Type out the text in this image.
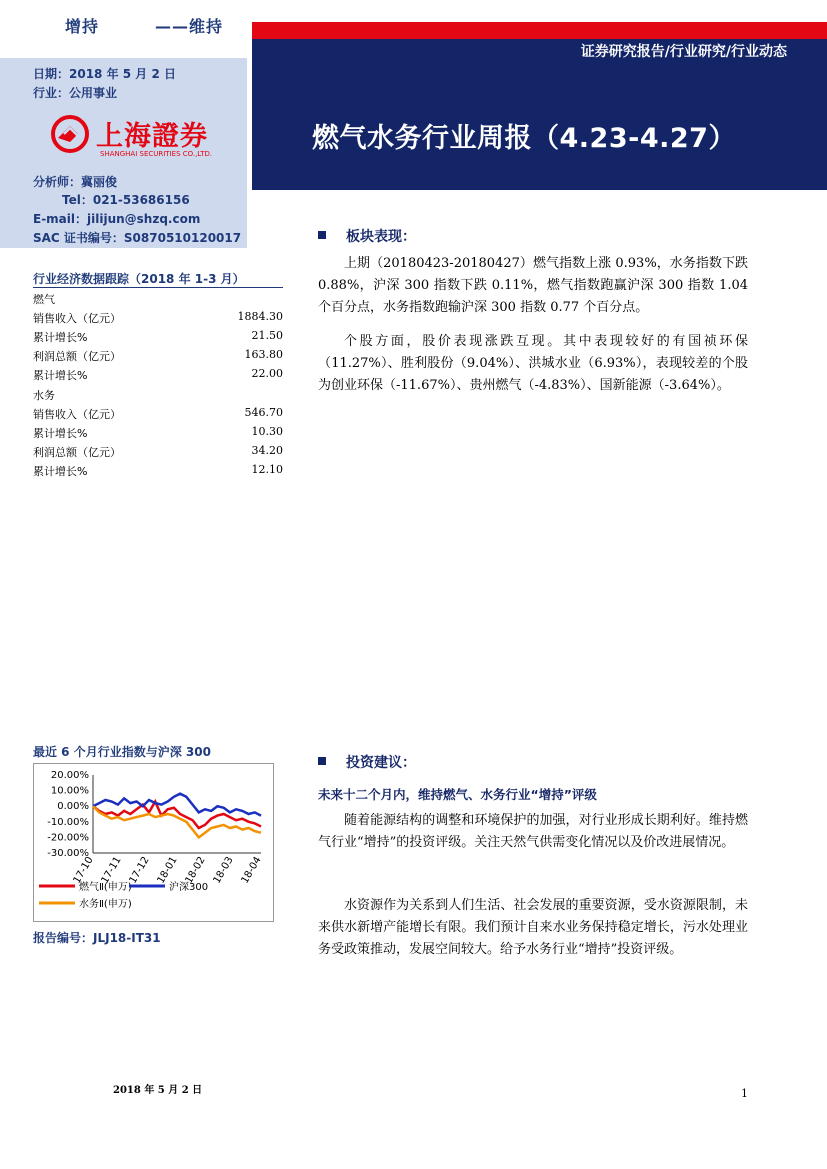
增持	——维持
证券研究报告/行业研究/行业动态
燃气水务行业周报（4.23-4.27）
日期：2018 年 5 月 2 日
行业：公用事业
分析师：冀丽俊
Tel：021-53686156
E-mail：jilijun@shzq.com
SAC 证书编号：S0870510120017
上海證券
SHANGHAI SECURITIES CO.,LTD.
行业经济数据跟踪（2018 年 1-3 月）
燃气
销售收入（亿元）	1884.30
累计增长%	21.50
利润总额（亿元）	163.80
累计增长%	22.00
水务
销售收入（亿元）	546.70
累计增长%	10.30
利润总额（亿元）	34.20
累计增长%	12.10
最近 6 个月行业指数与沪深 300
20.00%
10.00%
0.00%
-10.00%
-20.00%
-30.00%
17-10 17-11 17-12 18-01 18-02 18-03 18-04
燃气Ⅱ(申万)	沪深300
水务Ⅱ(申万)
报告编号：JLJ18-IT31
板块表现：
上期（20180423-20180427）燃气指数上涨 0.93%，水务指数下跌 0.88%，沪深 300 指数下跌 0.11%，燃气指数跑赢沪深 300 指数 1.04 个百分点，水务指数跑输沪深 300 指数 0.77 个百分点。
个股方面，股价表现涨跌互现。其中表现较好的有国祯环保（11.27%）、胜利股份（9.04%）、洪城水业（6.93%），表现较差的个股为创业环保（-11.67%）、贵州燃气（-4.83%）、国新能源（-3.64%）。
投资建议：
未来十二个月内，维持燃气、水务行业“增持”评级
随着能源结构的调整和环境保护的加强，对行业形成长期利好。维持燃气行业“增持”的投资评级。关注天然气供需变化情况以及价改进展情况。
水资源作为关系到人们生活、社会发展的重要资源，受水资源限制，未来供水新增产能增长有限。我们预计自来水业务保持稳定增长，污水处理业务受政策推动，发展空间较大。给予水务行业“增持”投资评级。
2018 年 5 月 2 日	1
